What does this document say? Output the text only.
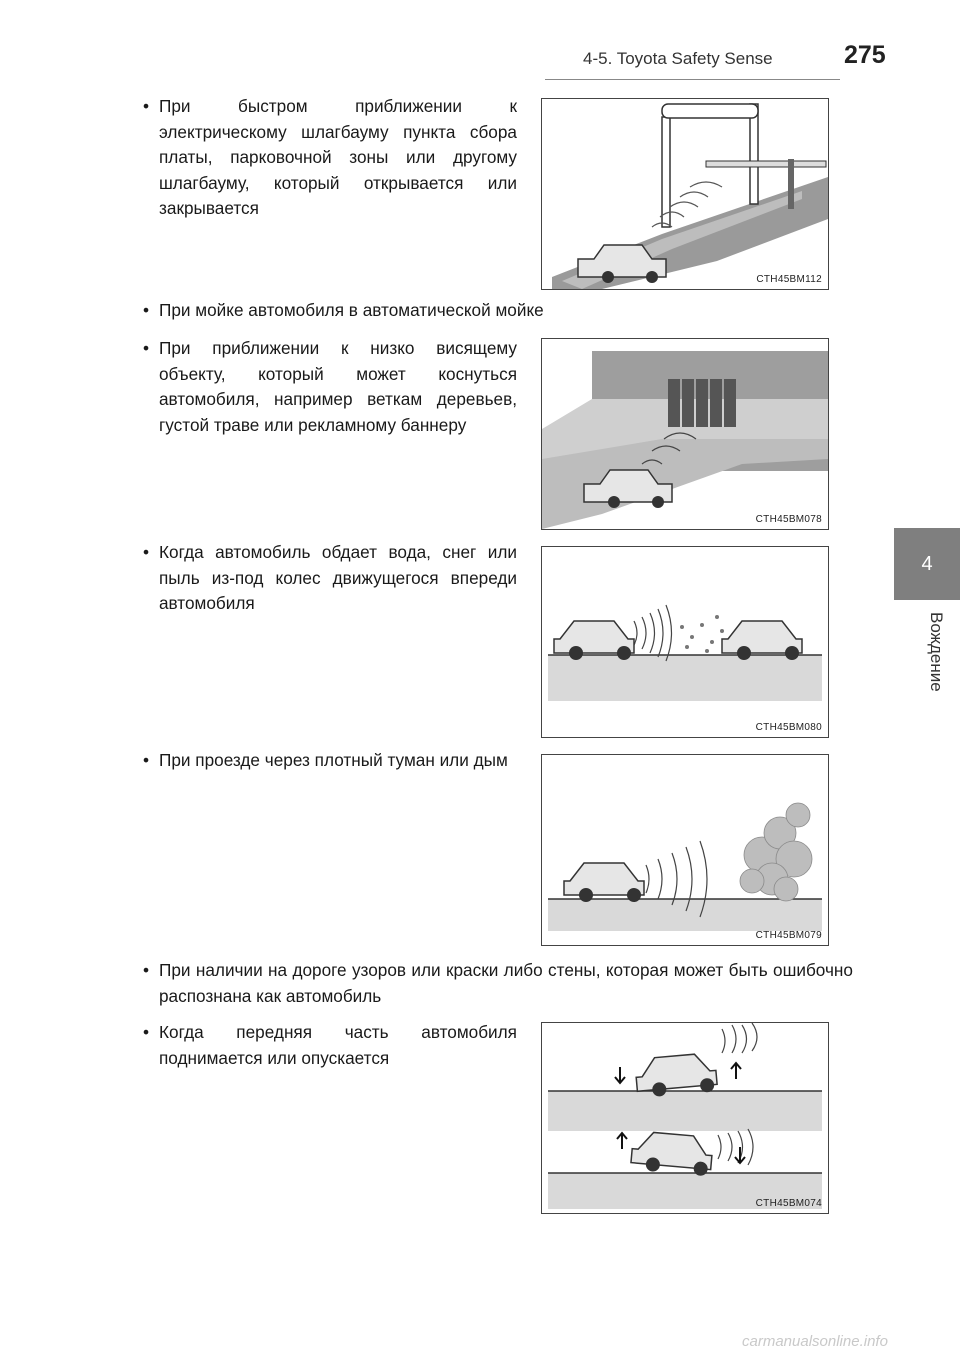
4-5. Toyota Safety Sense	275
4
Вождение
• При быстром приближении к электрическому шлагбауму пункта сбора платы, парковочной зоны или другому шлагбауму, который открывается или закрывается
CTH45BM112
• При мойке автомобиля в автоматической мойке
• При приближении к низко висящему объекту, который может коснуться автомобиля, например веткам деревьев, густой траве или рекламному баннеру
CTH45BM078
• Когда автомобиль обдает вода, снег или пыль из-под колес движущегося впереди автомобиля
CTH45BM080
• При проезде через плотный туман или дым
CTH45BM079
• При наличии на дороге узоров или краски либо стены, которая может быть ошибочно распознана как автомобиль
• Когда передняя часть автомобиля поднимается или опускается
CTH45BM074
carmanualsonline.info
